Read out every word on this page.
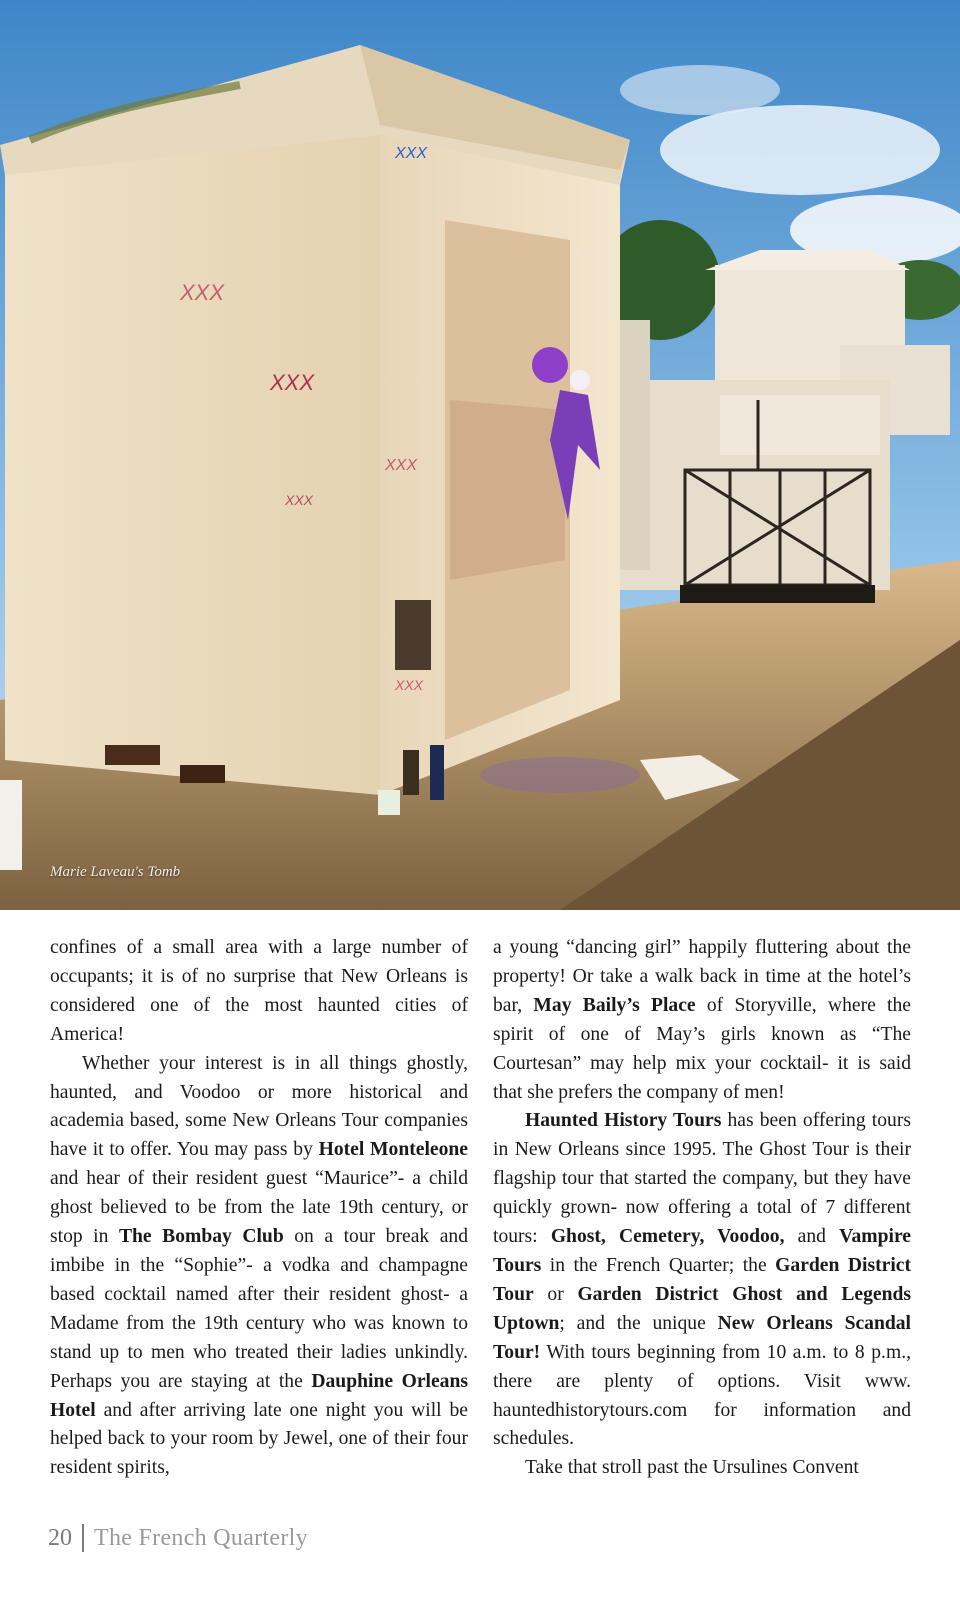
XXX
XXX
XXX
XXX
XXX
XXX
Marie Laveau's Tomb

confines of a small area with a large number of occupants; it is of no surprise that New Orleans is considered one of the most haunted cities of America!

Whether your interest is in all things ghostly, haunted, and Voodoo or more historical and academia based, some New Orleans Tour companies have it to offer. You may pass by Hotel Monteleone and hear of their resident guest “Maurice”- a child ghost believed to be from the late 19th century, or stop in The Bombay Club on a tour break and imbibe in the “Sophie”- a vodka and champagne based cocktail named after their resident ghost- a Madame from the 19th century who was known to stand up to men who treated their ladies unkindly. Perhaps you are staying at the Dauphine Orleans Hotel and after arriving late one night you will be helped back to your room by Jewel, one of their four resident spirits,

a young “dancing girl” happily fluttering about the property! Or take a walk back in time at the hotel’s bar, May Baily’s Place of Storyville, where the spirit of one of May’s girls known as “The Courtesan” may help mix your cocktail- it is said that she prefers the company of men!

Haunted History Tours has been offering tours in New Orleans since 1995. The Ghost Tour is their flagship tour that started the company, but they have quickly grown- now offering a total of 7 different tours: Ghost, Cemetery, Voodoo, and Vampire Tours in the French Quarter; the Garden District Tour or Garden District Ghost and Legends Uptown; and the unique New Orleans Scandal Tour! With tours beginning from 10 a.m. to 8 p.m., there are plenty of options. Visit www. hauntedhistorytours.com for information and schedules.

Take that stroll past the Ursulines Convent

20 The French Quarterly
